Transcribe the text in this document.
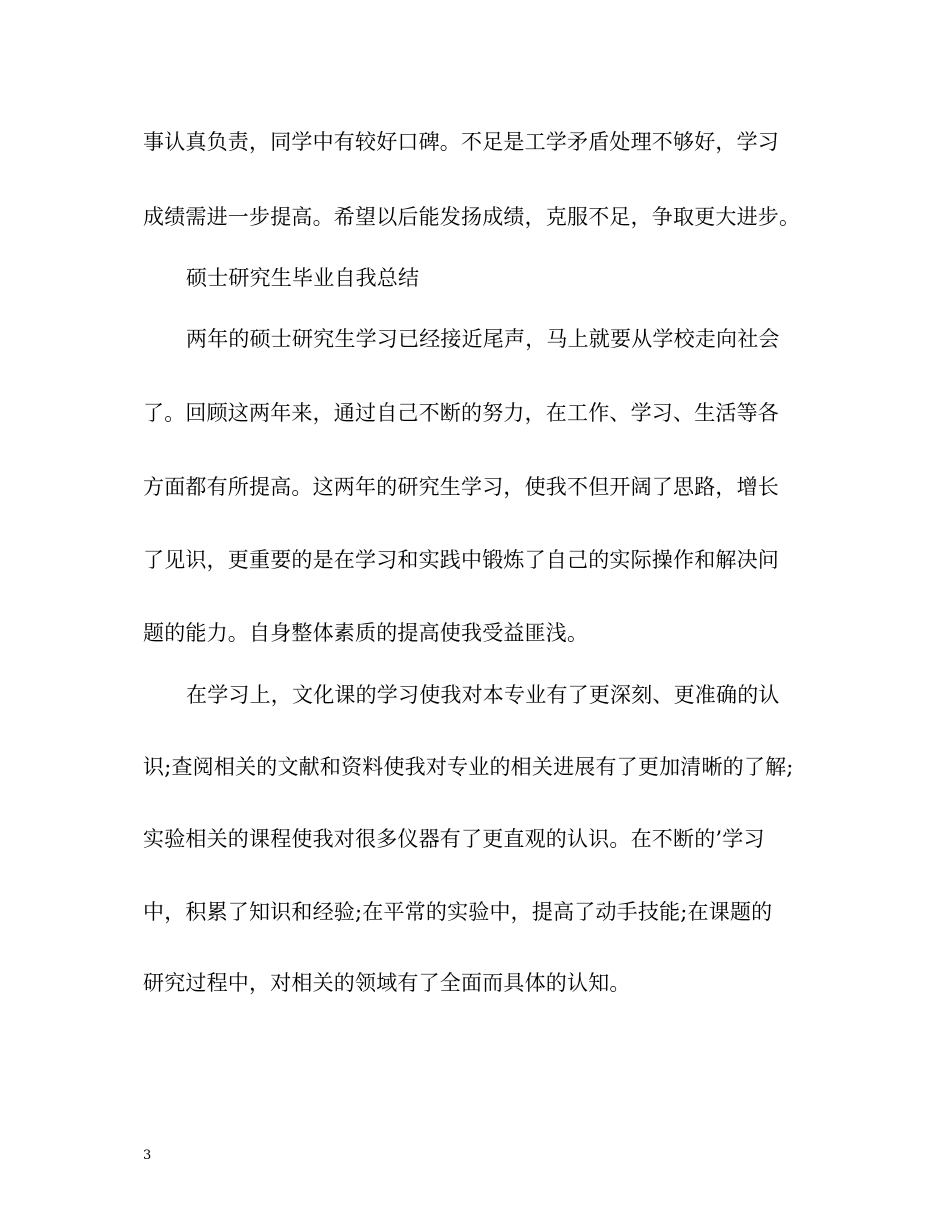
事认真负责，同学中有较好口碑。不足是工学矛盾处理不够好，学习
成绩需进一步提高。希望以后能发扬成绩，克服不足，争取更大进步。
硕士研究生毕业自我总结
两年的硕士研究生学习已经接近尾声，马上就要从学校走向社会
了。回顾这两年来，通过自己不断的努力，在工作、学习、生活等各
方面都有所提高。这两年的研究生学习，使我不但开阔了思路，增长
了见识，更重要的是在学习和实践中锻炼了自己的实际操作和解决问
题的能力。自身整体素质的提高使我受益匪浅。
在学习上，文化课的学习使我对本专业有了更深刻、更准确的认
识;查阅相关的文献和资料使我对专业的相关进展有了更加清晰的了解;
实验相关的课程使我对很多仪器有了更直观的认识。在不断的’学习
中，积累了知识和经验;在平常的实验中，提高了动手技能;在课题的
研究过程中，对相关的领域有了全面而具体的认知。
3
